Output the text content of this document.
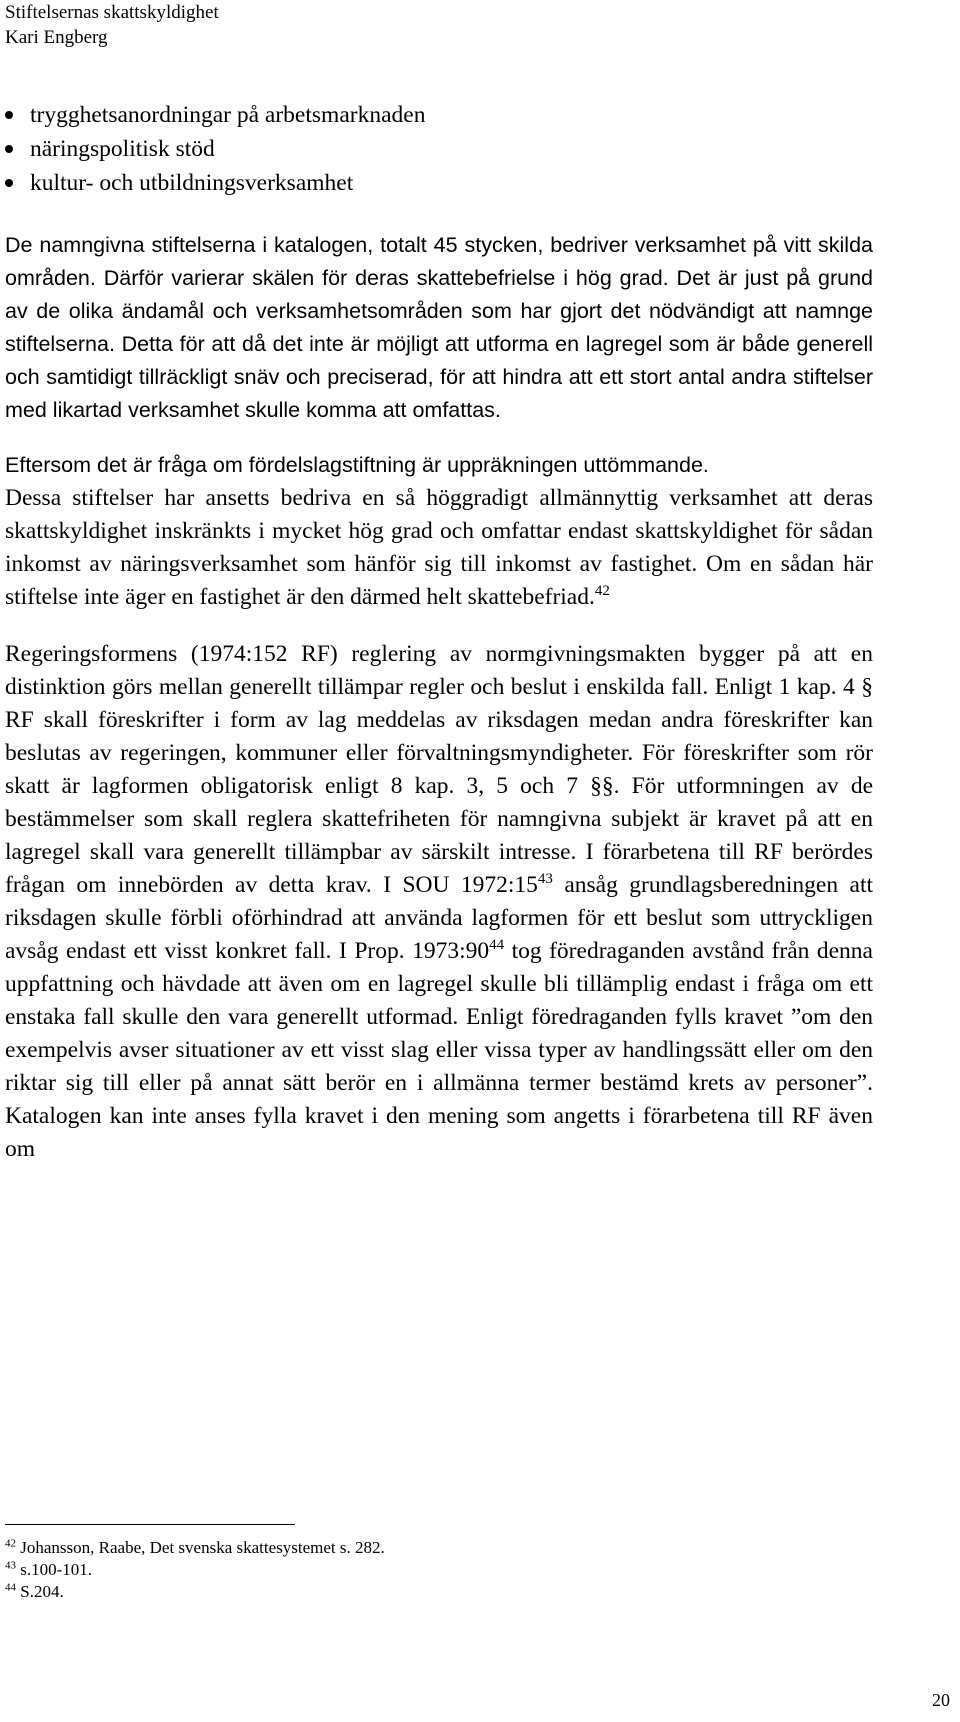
Stiftelsernas skattskyldighet
Kari Engberg
trygghetsanordningar på arbetsmarknaden
näringspolitisk stöd
kultur- och utbildningsverksamhet

De namngivna stiftelserna i katalogen, totalt 45 stycken, bedriver verksamhet på vitt skilda områden. Därför varierar skälen för deras skattebefrielse i hög grad. Det är just på grund av de olika ändamål och verksamhetsområden som har gjort det nödvändigt att namnge stiftelserna. Detta för att då det inte är möjligt att utforma en lagregel som är både generell och samtidigt tillräckligt snäv och preciserad, för att hindra att ett stort antal andra stiftelser med likartad verksamhet skulle komma att omfattas.

Eftersom det är fråga om fördelslagstiftning är uppräkningen uttömmande.

Dessa stiftelser har ansetts bedriva en så höggradigt allmännyttig verksamhet att deras skattskyldighet inskränkts i mycket hög grad och omfattar endast skattskyldighet för sådan inkomst av näringsverksamhet som hänför sig till inkomst av fastighet. Om en sådan här stiftelse inte äger en fastighet är den därmed helt skattebefriad.$^{42}$

Regeringsformens (1974:152 RF) reglering av normgivningsmakten bygger på att en distinktion görs mellan generellt tillämpar regler och beslut i enskilda fall. Enligt 1 kap. 4 § RF skall föreskrifter i form av lag meddelas av riksdagen medan andra föreskrifter kan beslutas av regeringen, kommuner eller förvaltningsmyndigheter. För föreskrifter som rör skatt är lagformen obligatorisk enligt 8 kap. 3, 5 och 7 §§. För utformningen av de bestämmelser som skall reglera skattefriheten för namngivna subjekt är kravet på att en lagregel skall vara generellt tillämpbar av särskilt intresse. I förarbetena till RF berördes frågan om innebörden av detta krav. I SOU $1972:15^{43}$ ansåg grundlagsberedningen att riksdagen skulle förbli oförhindrad att använda lagformen för ett beslut som uttryckligen avsåg endast ett visst konkret fall. I Prop. $1973:90^{44}$ tog föredraganden avstånd från denna uppfattning och hävdade att även om en lagregel skulle bli tillämplig endast i fråga om ett enstaka fall skulle den vara generellt utformad. Enligt föredraganden fylls kravet ”om den exempelvis avser situationer av ett visst slag eller vissa typer av handlingssätt eller om den riktar sig till eller på annat sätt berör en i allmänna termer bestämd krets av personer”. Katalogen kan inte anses fylla kravet i den mening som angetts i förarbetena till RF även om

$^{42}$ Johansson, Raabe, Det svenska skattesystemet s. 282.
$^{43}$ s.100-101.
$^{44}$ S.204.
20
